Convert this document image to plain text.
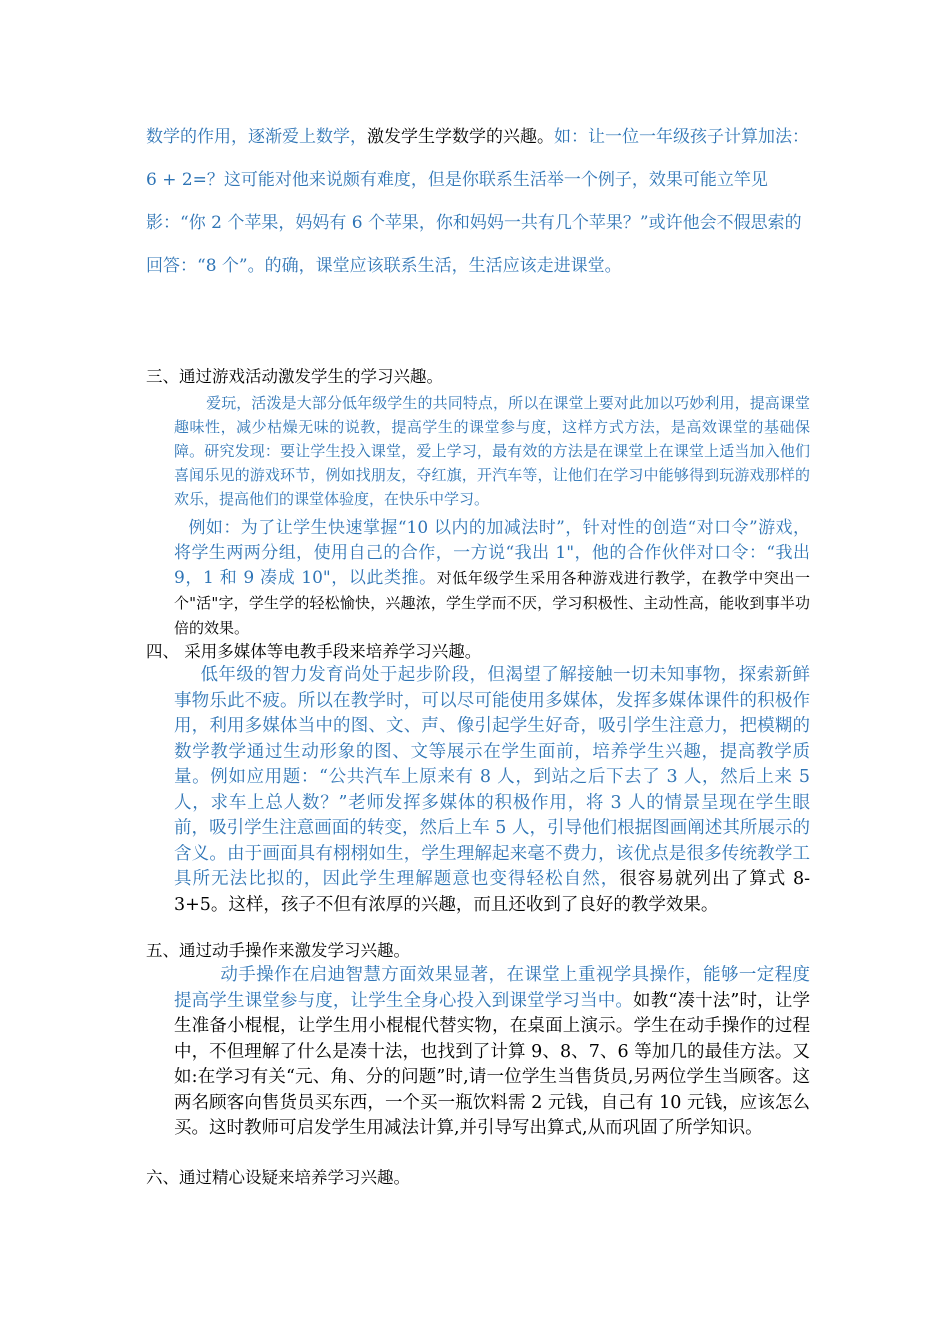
数学的作用，逐渐爱上数学，激发学生学数学的兴趣。如：让一位一年级孩子计算加法：6 + 2=？这可能对他来说颇有难度，但是你联系生活举一个例子，效果可能立竿见影：“你 2 个苹果，妈妈有 6 个苹果，你和妈妈一共有几个苹果？”或许他会不假思索的回答：“8 个”。的确，课堂应该联系生活，生活应该走进课堂。
三、通过游戏活动激发学生的学习兴趣。
爱玩，活泼是大部分低年级学生的共同特点，所以在课堂上要对此加以巧妙利用，提高课堂趣味性，减少枯燥无味的说教，提高学生的课堂参与度，这样方式方法，是高效课堂的基础保障。研究发现：要让学生投入课堂，爱上学习，最有效的方法是在课堂上在课堂上适当加入他们喜闻乐见的游戏环节，例如找朋友，夺红旗，开汽车等，让他们在学习中能够得到玩游戏那样的欢乐，提高他们的课堂体验度，在快乐中学习。
例如：为了让学生快速掌握“10 以内的加减法时”，针对性的创造“对口令”游戏，将学生两两分组，使用自己的合作，一方说“我出 1"，他的合作伙伴对口令：“我出 9，1 和 9 凑成 10"，以此类推。对低年级学生采用各种游戏进行教学，在教学中突出一个"活"字，学生学的轻松愉快，兴趣浓，学生学而不厌，学习积极性、主动性高，能收到事半功倍的效果。
四、 采用多媒体等电教手段来培养学习兴趣。
低年级的智力发育尚处于起步阶段，但渴望了解接触一切未知事物，探索新鲜事物乐此不疲。所以在教学时，可以尽可能使用多媒体，发挥多媒体课件的积极作用，利用多媒体当中的图、文、声、像引起学生好奇，吸引学生注意力，把模糊的数学教学通过生动形象的图、文等展示在学生面前，培养学生兴趣，提高教学质量。例如应用题：“公共汽车上原来有 8 人，到站之后下去了 3 人，然后上来 5 人，求车上总人数？”老师发挥多媒体的积极作用，将 3 人的情景呈现在学生眼前，吸引学生注意画面的转变，然后上车 5 人，引导他们根据图画阐述其所展示的含义。由于画面具有栩栩如生，学生理解起来毫不费力，该优点是很多传统教学工具所无法比拟的，因此学生理解题意也变得轻松自然，很容易就列出了算式 8-3+5。这样，孩子不但有浓厚的兴趣，而且还收到了良好的教学效果。
五、通过动手操作来激发学习兴趣。
动手操作在启迪智慧方面效果显著，在课堂上重视学具操作，能够一定程度提高学生课堂参与度，让学生全身心投入到课堂学习当中。如教“凑十法”时，让学生准备小棍棍，让学生用小棍棍代替实物，在桌面上演示。学生在动手操作的过程中，不但理解了什么是凑十法，也找到了计算 9、8、7、6 等加几的最佳方法。又如:在学习有关“元、角、分的问题”时,请一位学生当售货员,另两位学生当顾客。这两名顾客向售货员买东西，一个买一瓶饮料需 2 元钱，自己有 10 元钱，应该怎么买。这时教师可启发学生用减法计算,并引导写出算式,从而巩固了所学知识。
六、通过精心设疑来培养学习兴趣。
